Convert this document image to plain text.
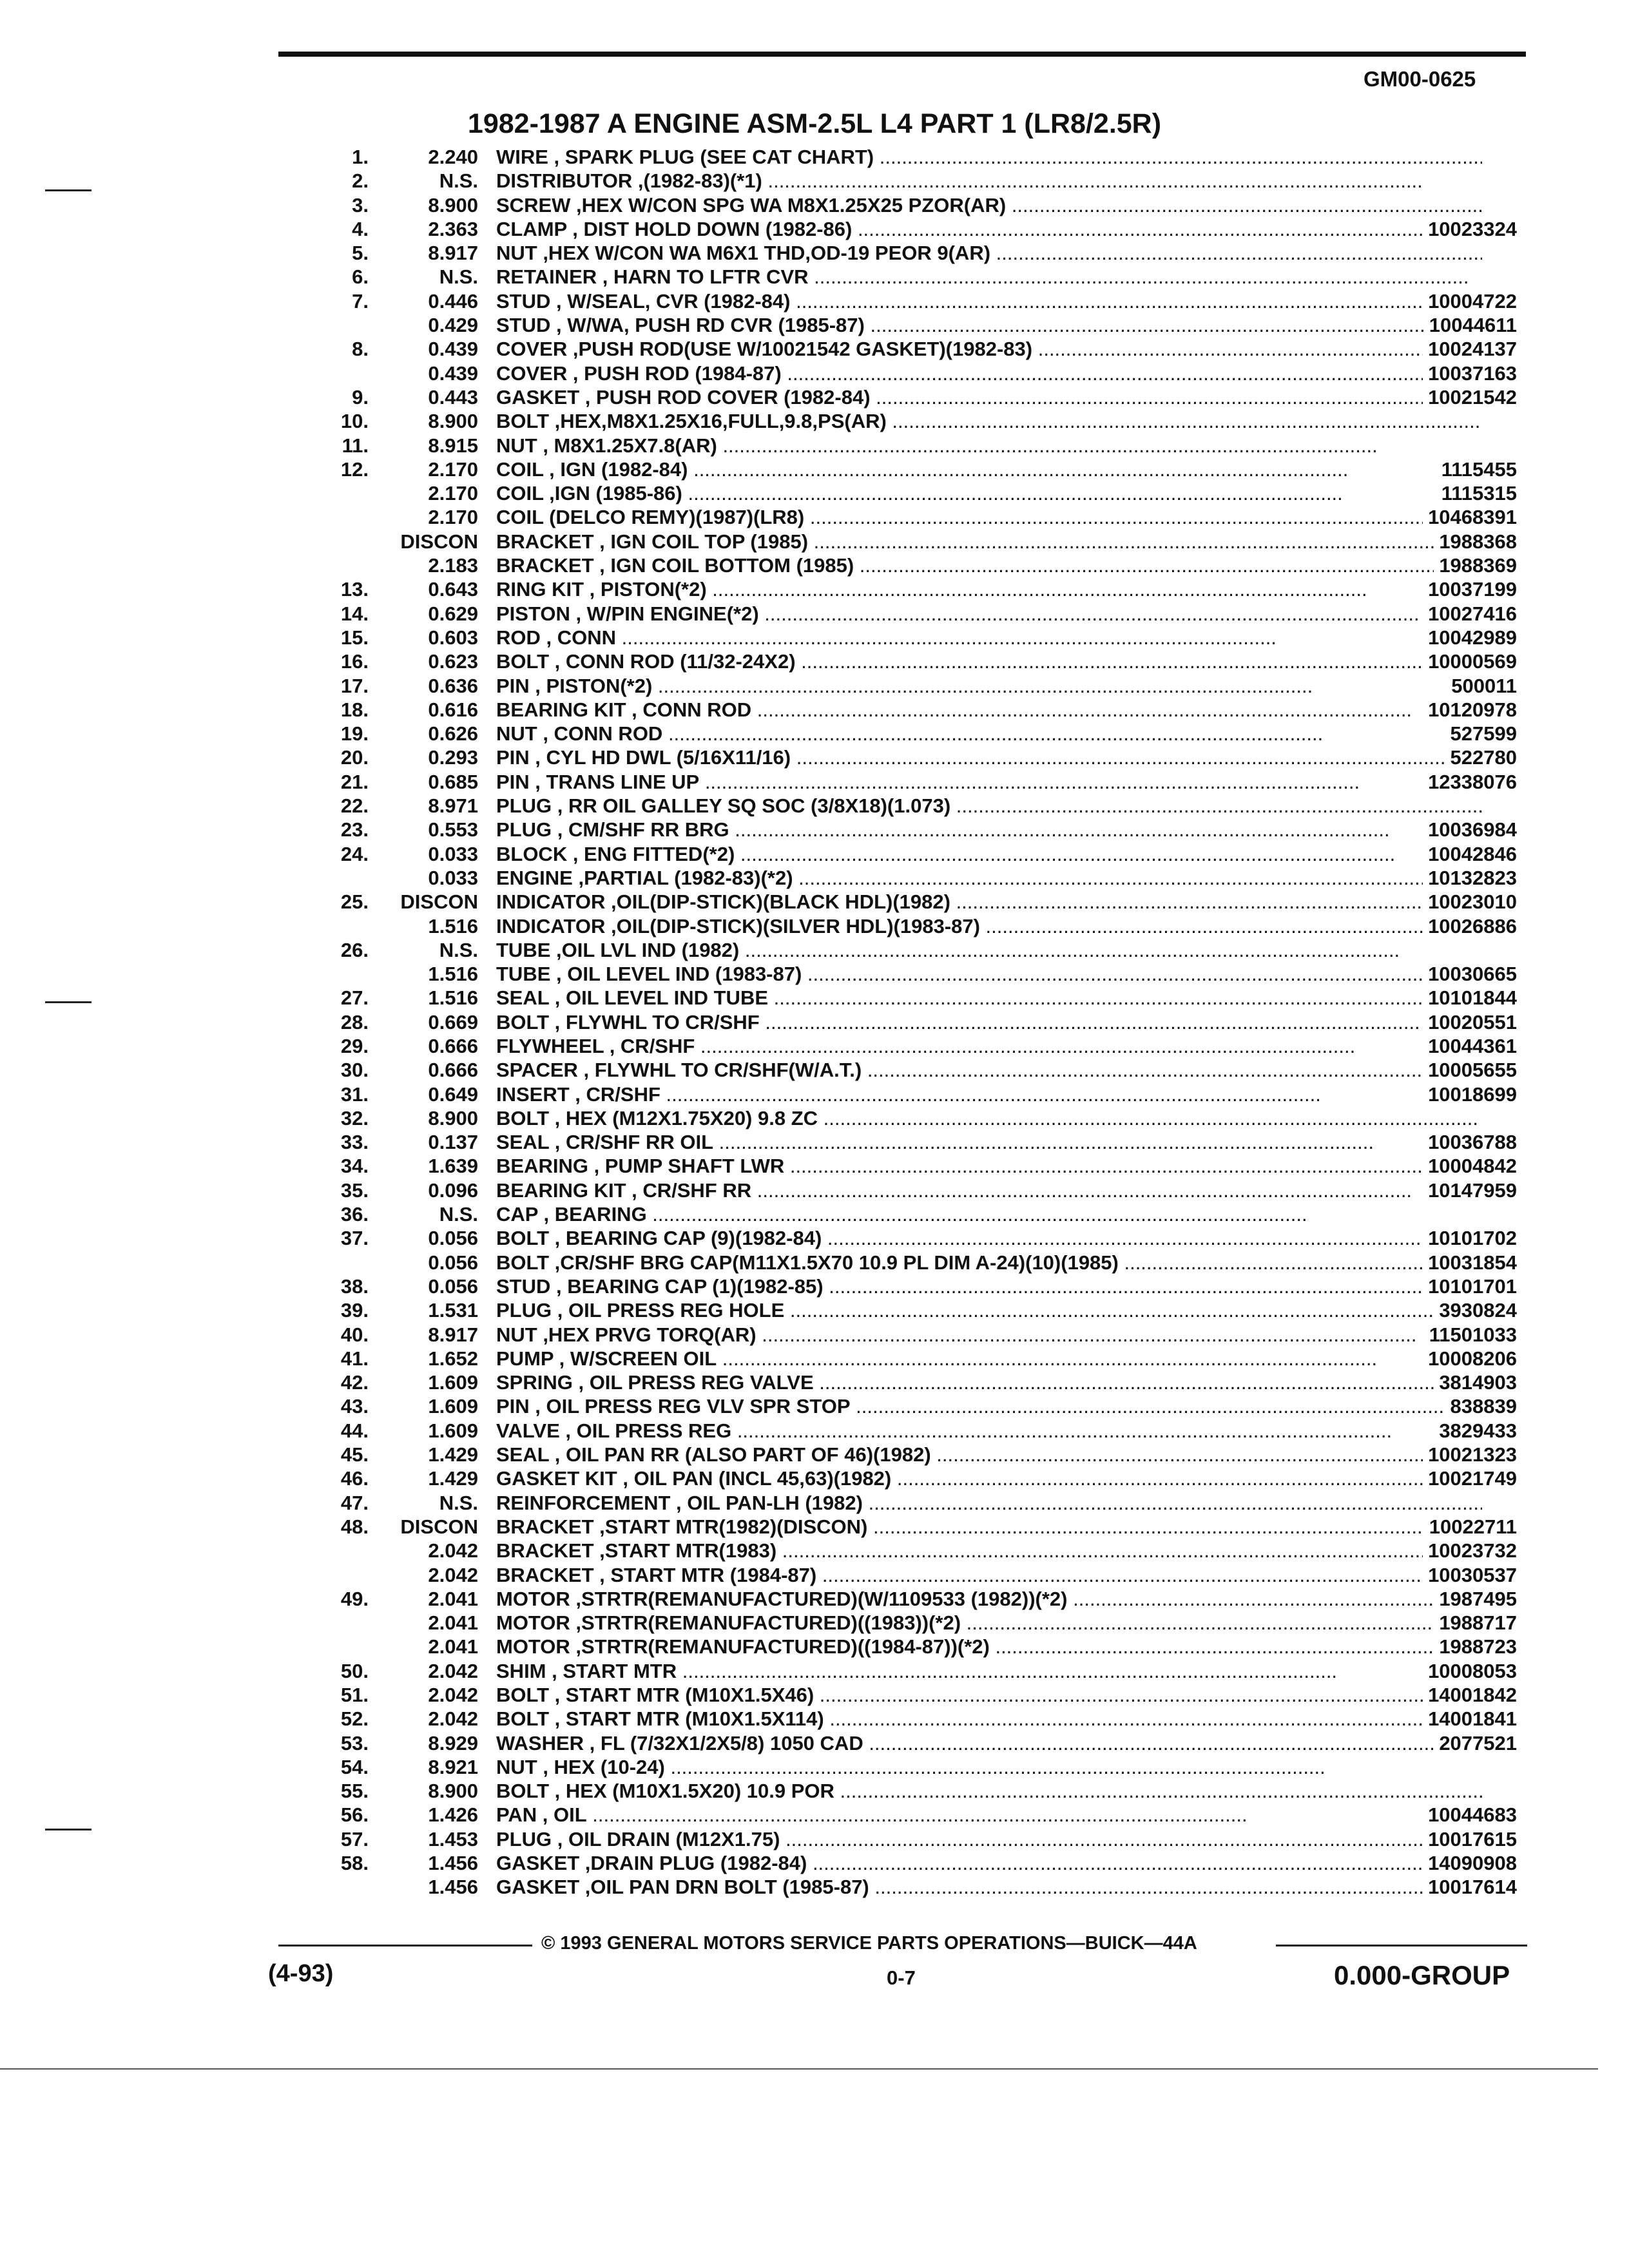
GM00-0625
1982-1987 A ENGINE ASM-2.5L L4 PART 1 (LR8/2.5R)
1.	2.240 WIRE , SPARK PLUG (SEE CAT CHART) .....
2.	N.S. DISTRIBUTOR ,(1982-83)(*1) .....
3.	8.900 SCREW ,HEX W/CON SPG WA M8X1.25X25 PZOR(AR) .....
4.	2.363 CLAMP , DIST HOLD DOWN (1982-86) .....	10023324
5.	8.917 NUT ,HEX W/CON WA M6X1 THD,OD-19 PEOR 9(AR) .....
6.	N.S. RETAINER , HARN TO LFTR CVR .....
7.	0.446 STUD , W/SEAL, CVR (1982-84) .....	10004722
0.429 STUD , W/WA, PUSH RD CVR (1985-87) .....	10044611
8.	0.439 COVER ,PUSH ROD(USE W/10021542 GASKET)(1982-83) .....	10024137
0.439 COVER , PUSH ROD (1984-87) .....	10037163
9.	0.443 GASKET , PUSH ROD COVER (1982-84) .....	10021542
10.	8.900 BOLT ,HEX,M8X1.25X16,FULL,9.8,PS(AR) .....
11.	8.915 NUT , M8X1.25X7.8(AR) .....
12.	2.170 COIL , IGN (1982-84) .....	1115455
2.170 COIL ,IGN (1985-86) .....	1115315
2.170 COIL (DELCO REMY)(1987)(LR8) .....	10468391
DISCON BRACKET , IGN COIL TOP (1985) .....	1988368
2.183 BRACKET , IGN COIL BOTTOM (1985) .....	1988369
13.	0.643 RING KIT , PISTON(*2) .....	10037199
14.	0.629 PISTON , W/PIN ENGINE(*2) .....	10027416
15.	0.603 ROD , CONN .....	10042989
16.	0.623 BOLT , CONN ROD (11/32-24X2) .....	10000569
17.	0.636 PIN , PISTON(*2) .....	500011
18.	0.616 BEARING KIT , CONN ROD .....	10120978
19.	0.626 NUT , CONN ROD .....	527599
20.	0.293 PIN , CYL HD DWL (5/16X11/16) .....	522780
21.	0.685 PIN , TRANS LINE UP .....	12338076
22.	8.971 PLUG , RR OIL GALLEY SQ SOC (3/8X18)(1.073) .....
23.	0.553 PLUG , CM/SHF RR BRG .....	10036984
24.	0.033 BLOCK , ENG FITTED(*2) .....	10042846
0.033 ENGINE ,PARTIAL (1982-83)(*2) .....	10132823
25.	DISCON INDICATOR ,OIL(DIP-STICK)(BLACK HDL)(1982) .....	10023010
1.516 INDICATOR ,OIL(DIP-STICK)(SILVER HDL)(1983-87) .....	10026886
26.	N.S. TUBE ,OIL LVL IND (1982) .....
1.516 TUBE , OIL LEVEL IND (1983-87) .....	10030665
27.	1.516 SEAL , OIL LEVEL IND TUBE .....	10101844
28.	0.669 BOLT , FLYWHL TO CR/SHF .....	10020551
29.	0.666 FLYWHEEL , CR/SHF .....	10044361
30.	0.666 SPACER , FLYWHL TO CR/SHF(W/A.T.) .....	10005655
31.	0.649 INSERT , CR/SHF .....	10018699
32.	8.900 BOLT , HEX (M12X1.75X20) 9.8 ZC .....
33.	0.137 SEAL , CR/SHF RR OIL .....	10036788
34.	1.639 BEARING , PUMP SHAFT LWR .....	10004842
35.	0.096 BEARING KIT , CR/SHF RR .....	10147959
36.	N.S. CAP , BEARING .....
37.	0.056 BOLT , BEARING CAP (9)(1982-84) .....	10101702
0.056 BOLT ,CR/SHF BRG CAP(M11X1.5X70 10.9 PL DIM A-24)(10)(1985) .....	10031854
38.	0.056 STUD , BEARING CAP (1)(1982-85) .....	10101701
39.	1.531 PLUG , OIL PRESS REG HOLE .....	3930824
40.	8.917 NUT ,HEX PRVG TORQ(AR) .....	11501033
41.	1.652 PUMP , W/SCREEN OIL .....	10008206
42.	1.609 SPRING , OIL PRESS REG VALVE .....	3814903
43.	1.609 PIN , OIL PRESS REG VLV SPR STOP .....	838839
44.	1.609 VALVE , OIL PRESS REG .....	3829433
45.	1.429 SEAL , OIL PAN RR (ALSO PART OF 46)(1982) .....	10021323
46.	1.429 GASKET KIT , OIL PAN (INCL 45,63)(1982) .....	10021749
47.	N.S. REINFORCEMENT , OIL PAN-LH (1982) .....
48.	DISCON BRACKET ,START MTR(1982)(DISCON) .....	10022711
2.042 BRACKET ,START MTR(1983) .....	10023732
2.042 BRACKET , START MTR (1984-87) .....	10030537
49.	2.041 MOTOR ,STRTR(REMANUFACTURED)(W/1109533 (1982))(*2) .....	1987495
2.041 MOTOR ,STRTR(REMANUFACTURED)((1983))(*2) .....	1988717
2.041 MOTOR ,STRTR(REMANUFACTURED)((1984-87))(*2) .....	1988723
50.	2.042 SHIM , START MTR .....	10008053
51.	2.042 BOLT , START MTR (M10X1.5X46) .....	14001842
52.	2.042 BOLT , START MTR (M10X1.5X114) .....	14001841
53.	8.929 WASHER , FL (7/32X1/2X5/8) 1050 CAD .....	2077521
54.	8.921 NUT , HEX (10-24) .....
55.	8.900 BOLT , HEX (M10X1.5X20) 10.9 POR .....
56.	1.426 PAN , OIL .....	10044683
57.	1.453 PLUG , OIL DRAIN (M12X1.75) .....	10017615
58.	1.456 GASKET ,DRAIN PLUG (1982-84) .....	14090908
1.456 GASKET ,OIL PAN DRN BOLT (1985-87) .....	10017614
© 1993 GENERAL MOTORS SERVICE PARTS OPERATIONS—BUICK—44A
(4-93)	0-7	0.000-GROUP
